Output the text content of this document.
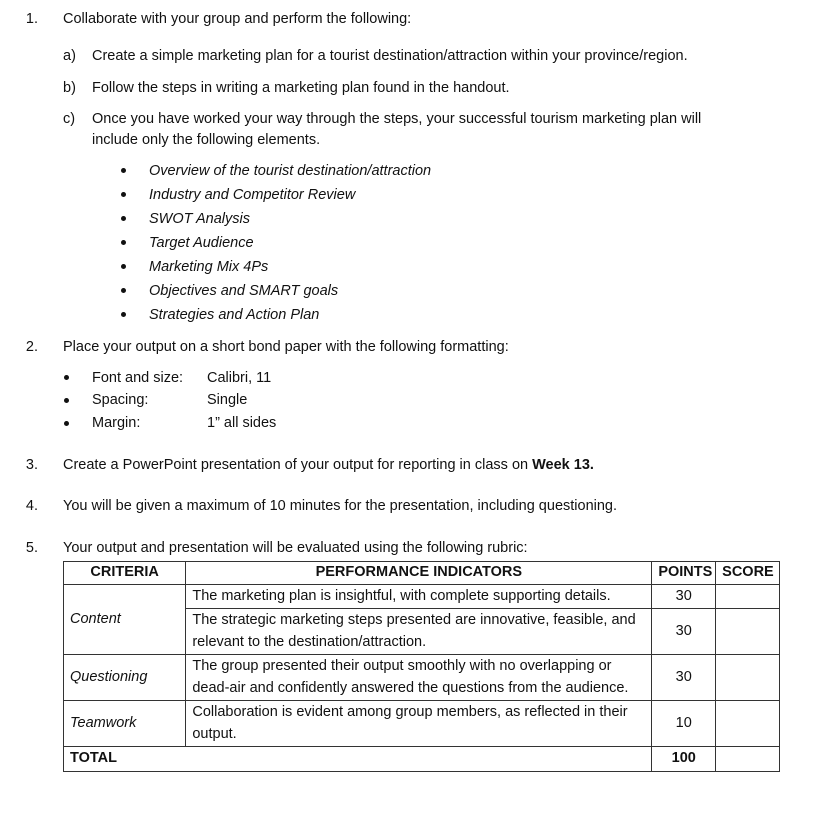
1. Collaborate with your group and perform the following:
a) Create a simple marketing plan for a tourist destination/attraction within your province/region.
b) Follow the steps in writing a marketing plan found in the handout.
c) Once you have worked your way through the steps, your successful tourism marketing plan will
include only the following elements.
Overview of the tourist destination/attraction
Industry and Competitor Review
SWOT Analysis
Target Audience
Marketing Mix 4Ps
Objectives and SMART goals
Strategies and Action Plan
2. Place your output on a short bond paper with the following formatting:
Font and size: Calibri, 11
Spacing:	Single
Margin:	1” all sides
3. Create a PowerPoint presentation of your output for reporting in class on Week 13.
4. You will be given a maximum of 10 minutes for the presentation, including questioning.
5. Your output and presentation will be evaluated using the following rubric:
CRITERIA	PERFORMANCE INDICATORS	POINTS	SCORE
Content	The marketing plan is insightful, with complete supporting details.	30	
	The strategic marketing steps presented are innovative, feasible, and relevant to the destination/attraction.	30	
Questioning	The group presented their output smoothly with no overlapping or dead-air and confidently answered the questions from the audience.	30	
Teamwork	Collaboration is evident among group members, as reflected in their output.	10	
TOTAL		100	
